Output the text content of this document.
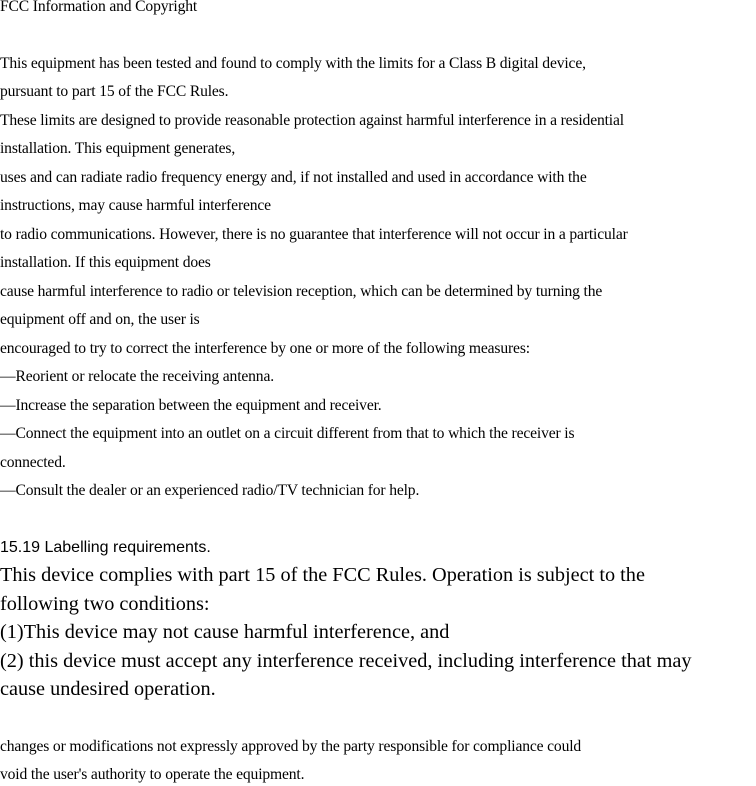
FCC Information and Copyright
This equipment has been tested and found to comply with the limits for a Class B digital device,
pursuant to part 15 of the FCC Rules.
These limits are designed to provide reasonable protection against harmful interference in a residential
installation. This equipment generates,
uses and can radiate radio frequency energy and, if not installed and used in accordance with the
instructions, may cause harmful interference
to radio communications. However, there is no guarantee that interference will not occur in a particular
installation. If this equipment does
cause harmful interference to radio or television reception, which can be determined by turning the
equipment off and on, the user is
encouraged to try to correct the interference by one or more of the following measures:
—Reorient or relocate the receiving antenna.
—Increase the separation between the equipment and receiver.
—Connect the equipment into an outlet on a circuit different from that to which the receiver is
connected.
—Consult the dealer or an experienced radio/TV technician for help.
15.19 Labelling requirements.
This device complies with part 15 of the FCC Rules. Operation is subject to the
following two conditions:
(1)This device may not cause harmful interference, and
(2) this device must accept any interference received, including interference that may
cause undesired operation.
changes or modifications not expressly approved by the party responsible for compliance could
void the user's authority to operate the equipment.
